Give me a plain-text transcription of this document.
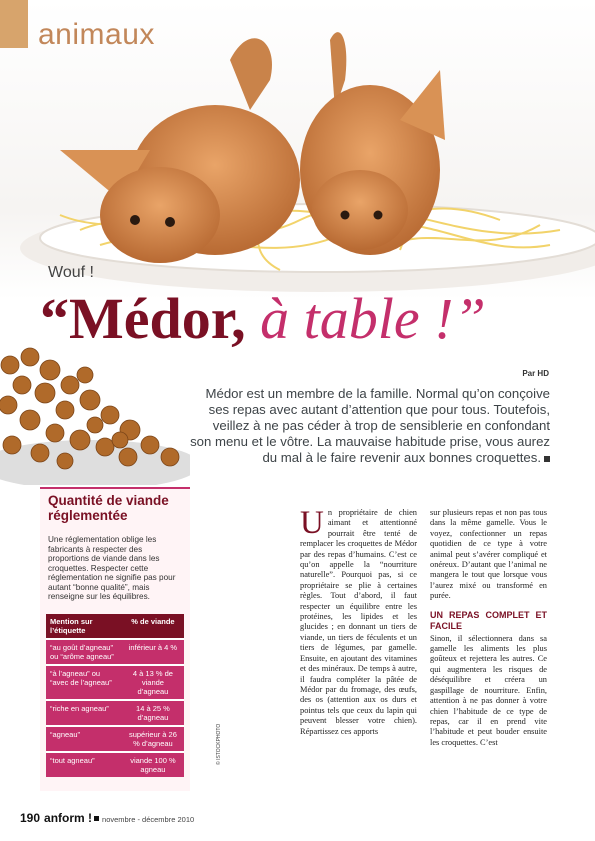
animaux
Wouf !
“Médor, à table !”
Par HD
Médor est un membre de la famille. Normal qu’on conçoive ses repas avec autant d’attention que pour tous. Toutefois, veillez à ne pas céder à trop de sensiblerie en confondant son menu et le vôtre. La mauvaise habitude prise, vous aurez du mal à le faire revenir aux bonnes croquettes.
Quantité de viande réglementée

Une réglementation oblige les fabricants à respecter des proportions de viande dans les croquettes. Respecter cette réglementation ne signifie pas pour autant “bonne qualité”, mais renseigne sur les équilibres.

Mention sur l’étiquette	% de viande
“au goût d’agneau” ou “arôme agneau”	inférieur à 4 %
“à l’agneau” ou “avec de l’agneau”	4 à 13 % de viande d’agneau
“riche en agneau”	14 à 25 % d’agneau
“agneau”	supérieur à 26 % d’agneau
“tout agneau”	viande 100 % agneau
© ISTOCKPHOTO
Un propriétaire de chien aimant et attentionné pourrait être tenté de remplacer les croquettes de Médor par des repas d’humains. C’est ce qu’on appelle la “nourriture naturelle”. Pourquoi pas, si ce propriétaire se plie à certaines règles. Tout d’abord, il faut respecter un équilibre entre les protéines, les lipides et les glucides ; en donnant un tiers de viande, un tiers de féculents et un tiers de légumes, par gamelle. Ensuite, en ajoutant des vitamines et des minéraux. De temps à autre, il faudra compléter la pâtée de Médor par du fromage, des œufs, des os (attention aux os durs et pointus tels que ceux du lapin qui peuvent blesser votre chien). Répartissez ces apports
sur plusieurs repas et non pas tous dans la même gamelle. Vous le voyez, confectionner un repas quotidien de ce type à votre animal peut s’avérer compliqué et onéreux. D’autant que l’animal ne mangera le tout que lorsque vous l’aurez mixé ou transformé en purée.
UN REPAS COMPLET ET FACILE
Sinon, il sélectionnera dans sa gamelle les aliments les plus goûteux et rejettera les autres. Ce qui augmentera les risques de déséquilibre et créera un gaspillage de nourriture. Enfin, attention à ne pas donner à votre chien l’habitude de ce type de repas, car il en prend vite l’habitude et peut bouder ensuite les croquettes. C’est
190 anform ! novembre - décembre 2010
